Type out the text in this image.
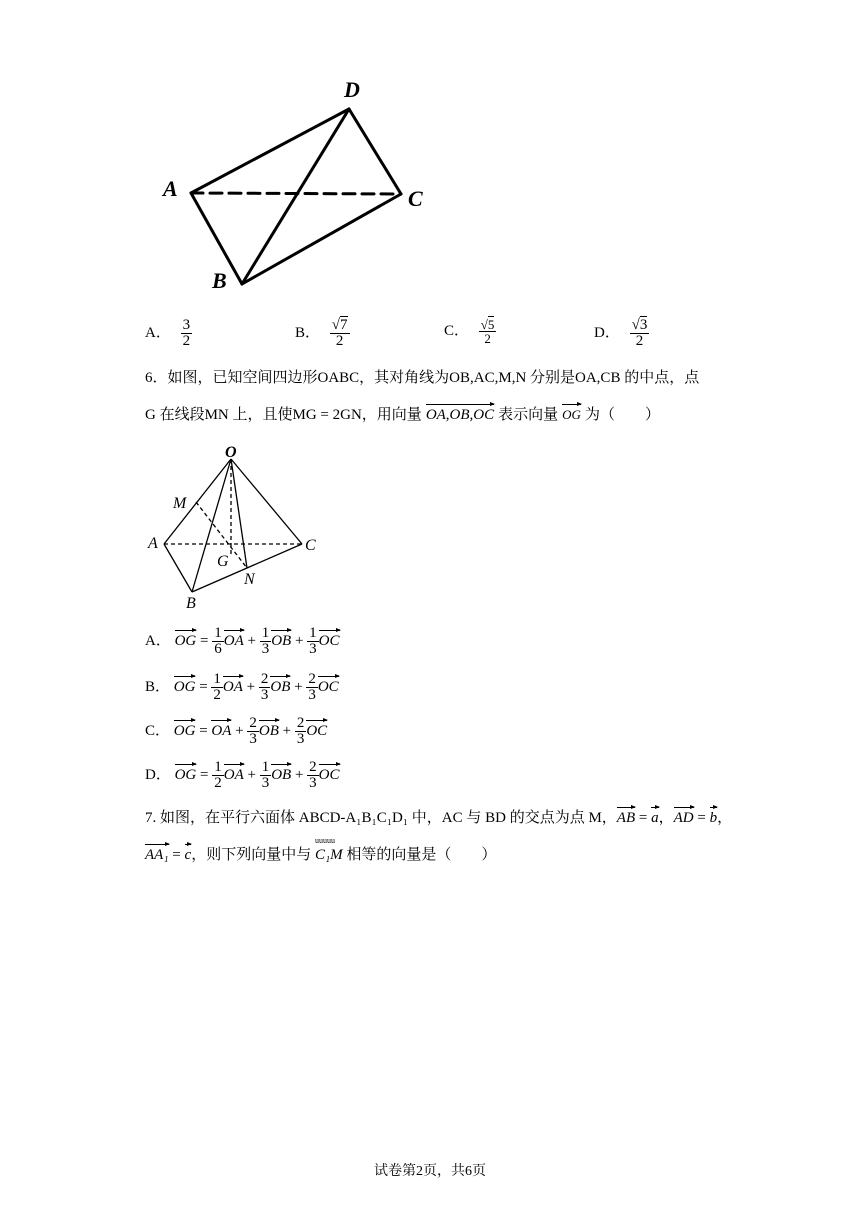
D
A	C
B
A． $\frac{3}{2}$	B． $\frac{√7}{2}$	C． $\frac{√5}{2}$	D． $\frac{√3}{2}$
6．如图，已知空间四边形OABC，其对角线为OB,AC,M,N 分别是OA,CB 的中点，点
G 在线段MN 上，且使MG = 2GN，用向量 OA,OB,OC 表示向量 OG 为（　　）
O
M
A	C
G
N
B
A． OG = $\frac{1}{6}$ OA + $\frac{1}{3}$ OB + $\frac{1}{3}$ OC
B． OG = $\frac{1}{2}$ OA + $\frac{2}{3}$ OB + $\frac{2}{3}$ OC
C． OG =
OA + $\frac{2}{3}$ OB + $\frac{2}{3}$ OC
D． OG = $\frac{1}{2}$ OA + $\frac{1}{3}$ OB + $\frac{2}{3}$ OC
7. 如图，在平行六面体 ABCD-A₁B₁C₁D₁ 中，AC 与 BD 的交点为点 M，
AB =
a，
AD =
b，
AA₁ =
c，则下列向量中与
uuuuu
C₁M 相等的向量是（　　）
试卷第2页，共6页
